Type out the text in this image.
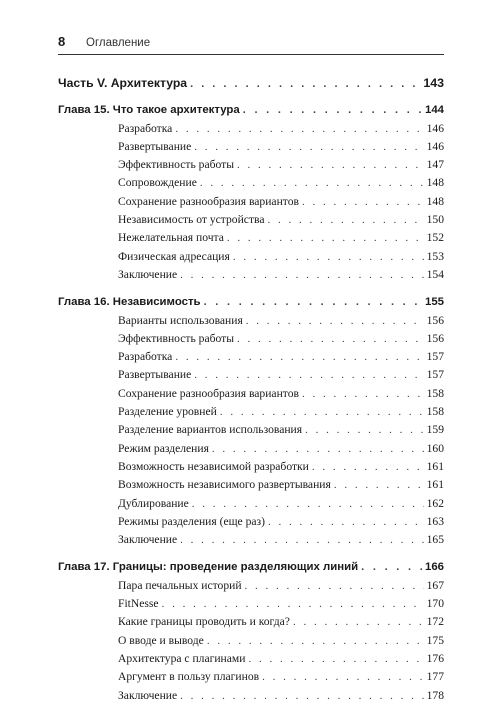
8	Оглавление
Часть V. Архитектура . . .	143
Глава 15. Что такое архитектура . . .	144
Разработка . . .	146
Развертывание . . .	146
Эффективность работы . . .	147
Сопровождение . . .	148
Сохранение разнообразия вариантов . . .	148
Независимость от устройства . . .	150
Нежелательная почта . . .	152
Физическая адресация . . .	153
Заключение . . .	154
Глава 16. Независимость . . .	155
Варианты использования . . .	156
Эффективность работы . . .	156
Разработка . . .	157
Развертывание . . .	157
Сохранение разнообразия вариантов . . .	158
Разделение уровней . . .	158
Разделение вариантов использования . . .	159
Режим разделения . . .	160
Возможность независимой разработки . . .	161
Возможность независимого развертывания . . .	161
Дублирование . . .	162
Режимы разделения (еще раз) . . .	163
Заключение . . .	165
Глава 17. Границы: проведение разделяющих линий . . .	166
Пара печальных историй . . .	167
FitNesse . . .	170
Какие границы проводить и когда? . . .	172
О вводе и выводе . . .	175
Архитектура с плагинами . . .	176
Аргумент в пользу плагинов . . .	177
Заключение . . .	178
